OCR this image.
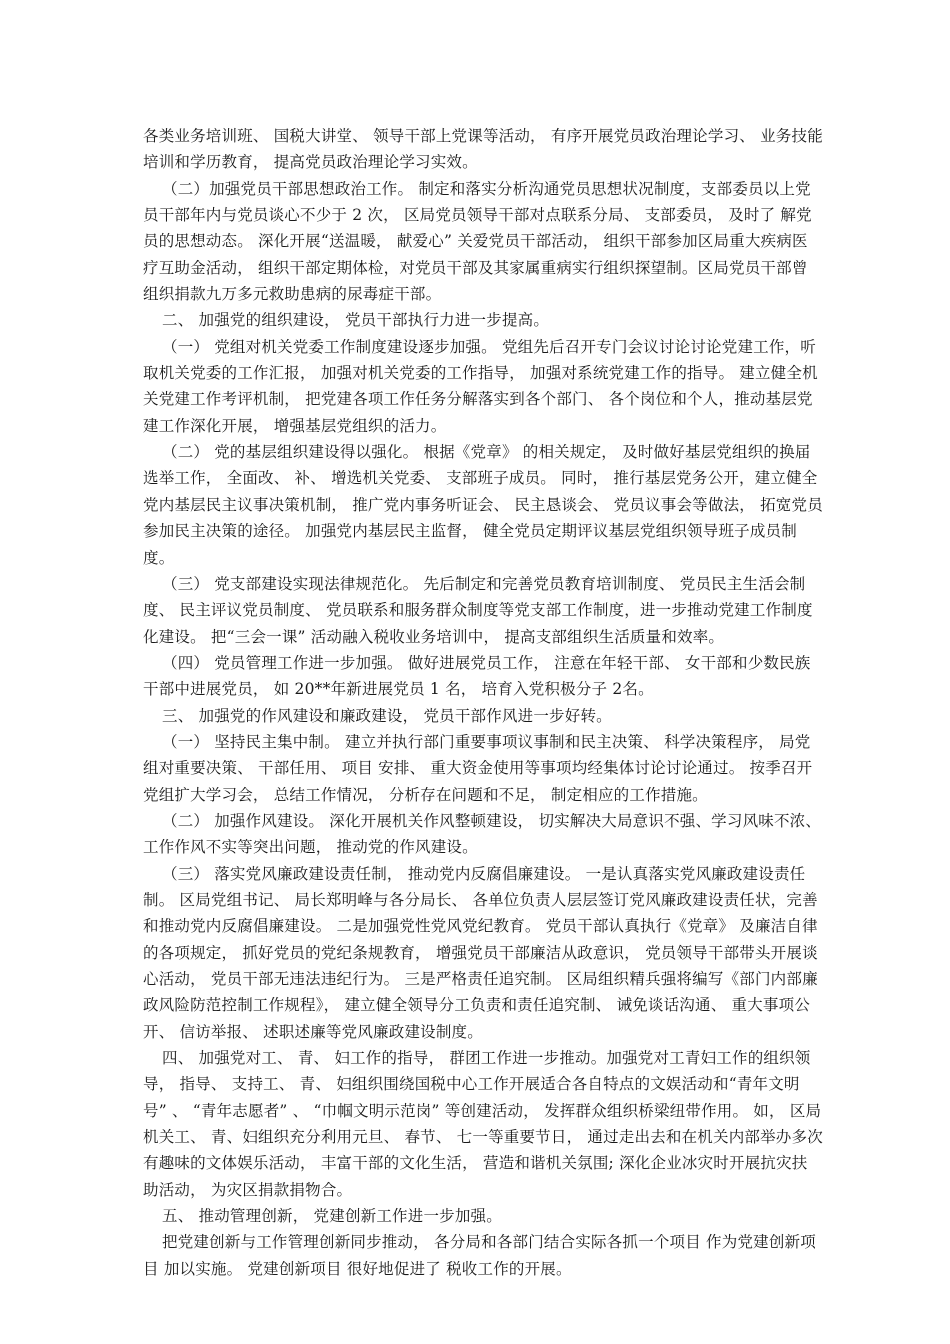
各类业务培训班、 国税大讲堂、 领导干部上党课等活动， 有序开展党员政治理论学习、 业务技能培训和学历教育， 提高党员政治理论学习实效。

（二）加强党员干部思想政治工作。 制定和落实分析沟通党员思想状况制度，支部委员以上党员干部年内与党员谈心不少于 2 次， 区局党员领导干部对点联系分局、 支部委员， 及时了 解党员的思想动态。 深化开展“送温暖， 献爱心” 关爱党员干部活动， 组织干部参加区局重大疾病医疗互助金活动， 组织干部定期体检，对党员干部及其家属重病实行组织探望制。区局党员干部曾组织捐款九万多元救助患病的尿毒症干部。

二、 加强党的组织建设， 党员干部执行力进一步提高。

（一） 党组对机关党委工作制度建设逐步加强。 党组先后召开专门会议讨论讨论党建工作，听取机关党委的工作汇报， 加强对机关党委的工作指导， 加强对系统党建工作的指导。 建立健全机关党建工作考评机制， 把党建各项工作任务分解落实到各个部门、 各个岗位和个人，推动基层党建工作深化开展， 增强基层党组织的活力。

（二） 党的基层组织建设得以强化。 根据《党章》 的相关规定， 及时做好基层党组织的换届选举工作， 全面改、 补、 增选机关党委、 支部班子成员。 同时， 推行基层党务公开，建立健全党内基层民主议事决策机制， 推广党内事务听证会、 民主恳谈会、 党员议事会等做法， 拓宽党员参加民主决策的途径。 加强党内基层民主监督， 健全党员定期评议基层党组织领导班子成员制度。

（三） 党支部建设实现法律规范化。 先后制定和完善党员教育培训制度、 党员民主生活会制度、 民主评议党员制度、 党员联系和服务群众制度等党支部工作制度，进一步推动党建工作制度化建设。 把“三会一课” 活动融入税收业务培训中， 提高支部组织生活质量和效率。

（四） 党员管理工作进一步加强。 做好进展党员工作， 注意在年轻干部、 女干部和少数民族干部中进展党员， 如 20**年新进展党员 1 名， 培育入党积极分子 2名。

三、 加强党的作风建设和廉政建设， 党员干部作风进一步好转。

（一） 坚持民主集中制。 建立并执行部门重要事项议事制和民主决策、 科学决策程序， 局党组对重要决策、 干部任用、 项目 安排、 重大资金使用等事项均经集体讨论讨论通过。 按季召开党组扩大学习会， 总结工作情况， 分析存在问题和不足， 制定相应的工作措施。

（二） 加强作风建设。 深化开展机关作风整顿建设， 切实解决大局意识不强、学习风味不浓、工作作风不实等突出问题， 推动党的作风建设。

（三） 落实党风廉政建设责任制， 推动党内反腐倡廉建设。 一是认真落实党风廉政建设责任制。 区局党组书记、 局长郑明峰与各分局长、 各单位负责人层层签订党风廉政建设责任状，完善和推动党内反腐倡廉建设。 二是加强党性党风党纪教育。 党员干部认真执行《党章》 及廉洁自律的各项规定， 抓好党员的党纪条规教育， 增强党员干部廉洁从政意识， 党员领导干部带头开展谈心活动， 党员干部无违法违纪行为。 三是严格责任追究制。 区局组织精兵强将编写《部门内部廉政风险防范控制工作规程》， 建立健全领导分工负责和责任追究制、 诫免谈话沟通、 重大事项公开、 信访举报、 述职述廉等党风廉政建设制度。

四、 加强党对工、 青、 妇工作的指导， 群团工作进一步推动。加强党对工青妇工作的组织领导， 指导、 支持工、 青、 妇组织围绕国税中心工作开展适合各自特点的文娱活动和“青年文明号” 、 “青年志愿者” 、 “巾帼文明示范岗” 等创建活动， 发挥群众组织桥梁纽带作用。 如， 区局机关工、 青、妇组织充分利用元旦、 春节、 七一等重要节日， 通过走出去和在机关内部举办多次有趣味的文体娱乐活动， 丰富干部的文化生活， 营造和谐机关氛围; 深化企业冰灾时开展抗灾扶助活动， 为灾区捐款捐物合。

五、 推动管理创新， 党建创新工作进一步加强。

把党建创新与工作管理创新同步推动， 各分局和各部门结合实际各抓一个项目 作为党建创新项目 加以实施。 党建创新项目 很好地促进了 税收工作的开展。
